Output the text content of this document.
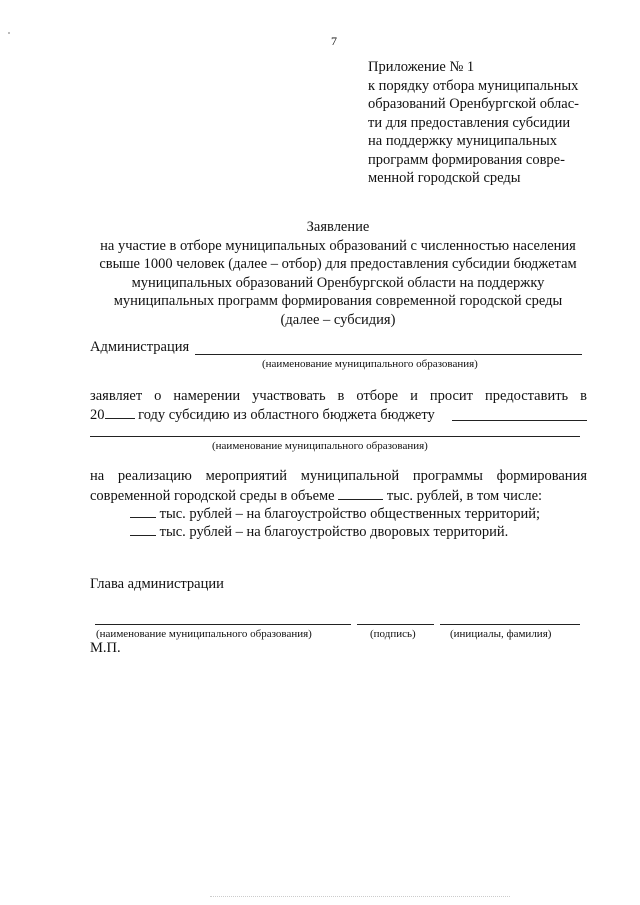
7
Приложение № 1
к порядку отбора муниципальных
образований Оренбургской облас-
ти для предоставления субсидии
на поддержку муниципальных
программ формирования совре-
менной городской среды
Заявление
на участие в отборе муниципальных образований с численностью населения
свыше 1000 человек (далее – отбор) для предоставления субсидии бюджетам
муниципальных образований Оренбургской области на поддержку
муниципальных программ формирования современной городской среды
(далее – субсидия)
Администрация
(наименование муниципального образования)
заявляет о намерении участвовать в отборе и просит предоставить в
20 году субсидию из областного бюджета бюджету
(наименование муниципального образования)
на реализацию мероприятий муниципальной программы формирования
современной городской среды в объеме	тыс. рублей, в том числе:
тыс. рублей – на благоустройство общественных территорий;
тыс. рублей – на благоустройство дворовых территорий.
Глава администрации
(наименование муниципального образования)	(подпись)	(инициалы, фамилия)
М.П.
